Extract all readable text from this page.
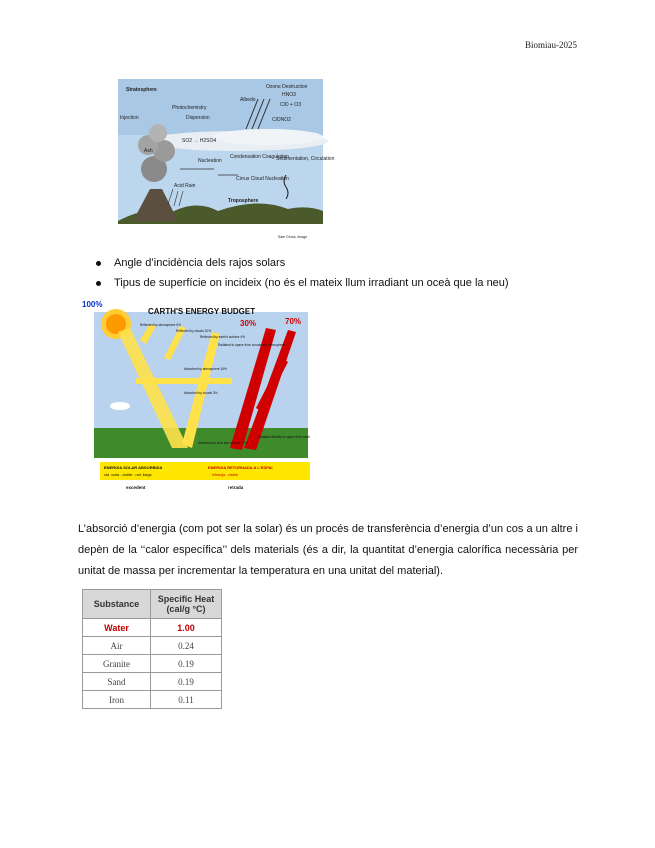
Biomiau-2025
Stratosphere	Ozone Destruction
HNO3
ClO + O3
Albedo
Photochemistry
Dispersion
Injection	ClONO2
SO2 → H2SO4
Nucleation
Condensation Coagulation
Sedimentation, Circulation
Cirrus Cloud Nucleation
Acid Rain
Troposphere
Ash
Sam Gross, Image
Angle d’incidència dels rajos solars
Tipus de superfície on incideix (no és el mateix llum irradiant un oceà que la neu)
100%
CARTH'S ENERGY BUDGET
30%	70%
Reflected by atmosphere 6%
Reflected by clouds 20%
Reflected by earth's surface 4%
Absorbed by atmosphere 16%
Absorbed by clouds 3%
Absorbed by land and oceans 51%
Radiated to space from clouds and atmosphere
Radiated directly to space from earth
ENERGIA SOLAR ABSORBIDA
rad. curta - visible - rad. llarga
ENERGIA RETORNADA A L'ESPAI
infraroja - visible
excedent	retrada
L’absorció d’energia (com pot ser la solar) és un procés de transferència d’energia d’un cos a un altre i depèn de la ‘‘calor específica’’ dels materials (és a dir, la quantitat d’energia calorífica necessària per unitat de massa per incrementar la temperatura en una unitat del material).
Substance	Specific Heat (cal/g °C)
Water	1.00
Air	0.24
Granite	0.19
Sand	0.19
Iron	0.11
